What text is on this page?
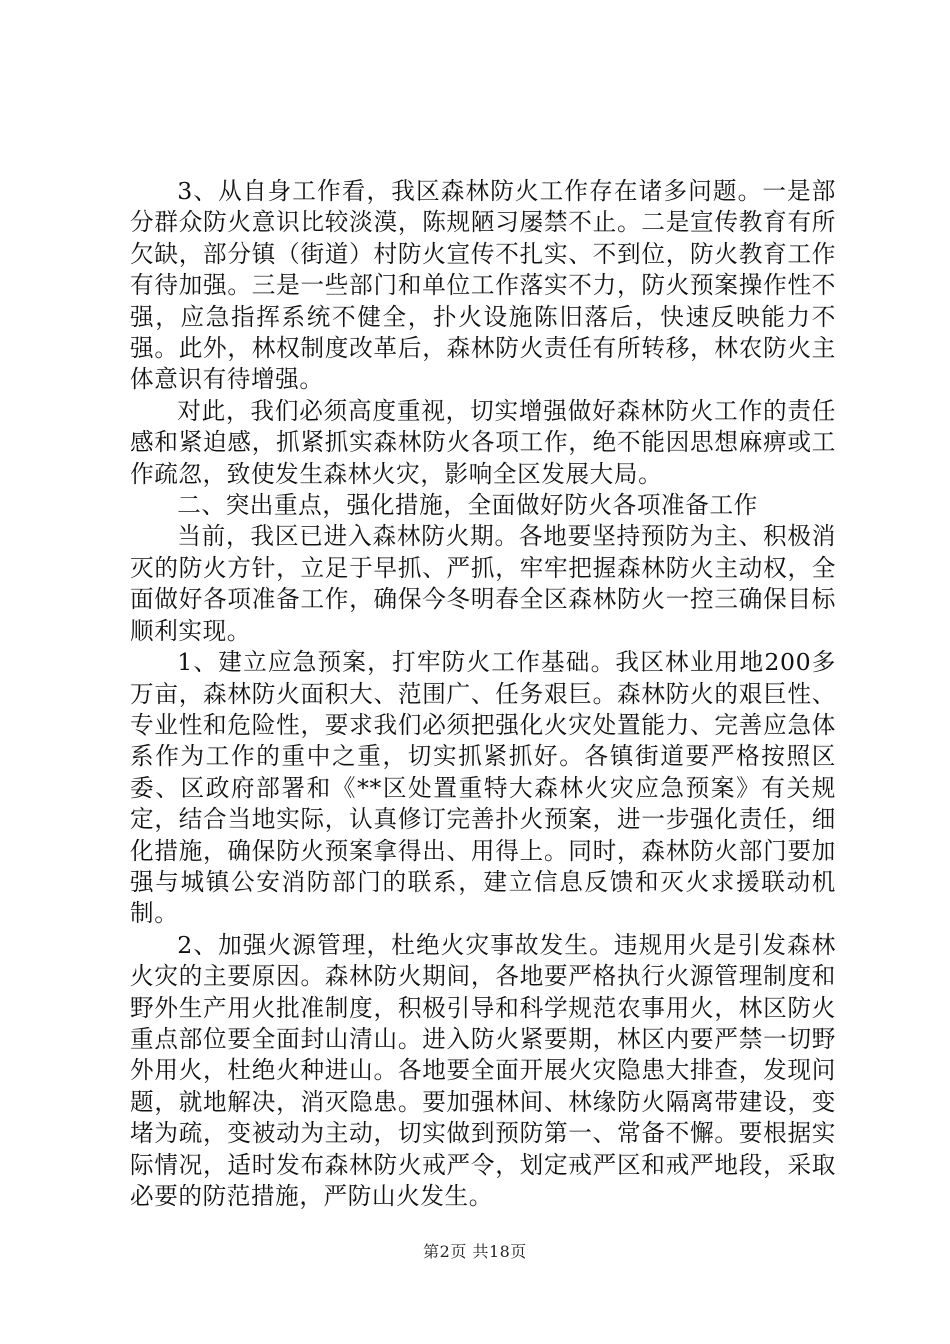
3、从自身工作看，我区森林防火工作存在诸多问题。一是部分群众防火意识比较淡漠，陈规陋习屡禁不止。二是宣传教育有所欠缺，部分镇（街道）村防火宣传不扎实、不到位，防火教育工作有待加强。三是一些部门和单位工作落实不力，防火预案操作性不强，应急指挥系统不健全，扑火设施陈旧落后，快速反映能力不强。此外，林权制度改革后，森林防火责任有所转移，林农防火主体意识有待增强。

对此，我们必须高度重视，切实增强做好森林防火工作的责任感和紧迫感，抓紧抓实森林防火各项工作，绝不能因思想麻痹或工作疏忽，致使发生森林火灾，影响全区发展大局。

二、突出重点，强化措施，全面做好防火各项准备工作

当前，我区已进入森林防火期。各地要坚持预防为主、积极消灭的防火方针，立足于早抓、严抓，牢牢把握森林防火主动权，全面做好各项准备工作，确保今冬明春全区森林防火一控三确保目标顺利实现。

1、建立应急预案，打牢防火工作基础。我区林业用地200多万亩，森林防火面积大、范围广、任务艰巨。森林防火的艰巨性、专业性和危险性，要求我们必须把强化火灾处置能力、完善应急体系作为工作的重中之重，切实抓紧抓好。各镇街道要严格按照区委、区政府部署和《**区处置重特大森林火灾应急预案》有关规定，结合当地实际，认真修订完善扑火预案，进一步强化责任，细化措施，确保防火预案拿得出、用得上。同时，森林防火部门要加强与城镇公安消防部门的联系，建立信息反馈和灭火求援联动机制。

2、加强火源管理，杜绝火灾事故发生。违规用火是引发森林火灾的主要原因。森林防火期间，各地要严格执行火源管理制度和野外生产用火批准制度，积极引导和科学规范农事用火，林区防火重点部位要全面封山清山。进入防火紧要期，林区内要严禁一切野外用火，杜绝火种进山。各地要全面开展火灾隐患大排查，发现问题，就地解决，消灭隐患。要加强林间、林缘防火隔离带建设，变堵为疏，变被动为主动，切实做到预防第一、常备不懈。要根据实际情况，适时发布森林防火戒严令，划定戒严区和戒严地段，采取必要的防范措施，严防山火发生。

第2页 共18页
